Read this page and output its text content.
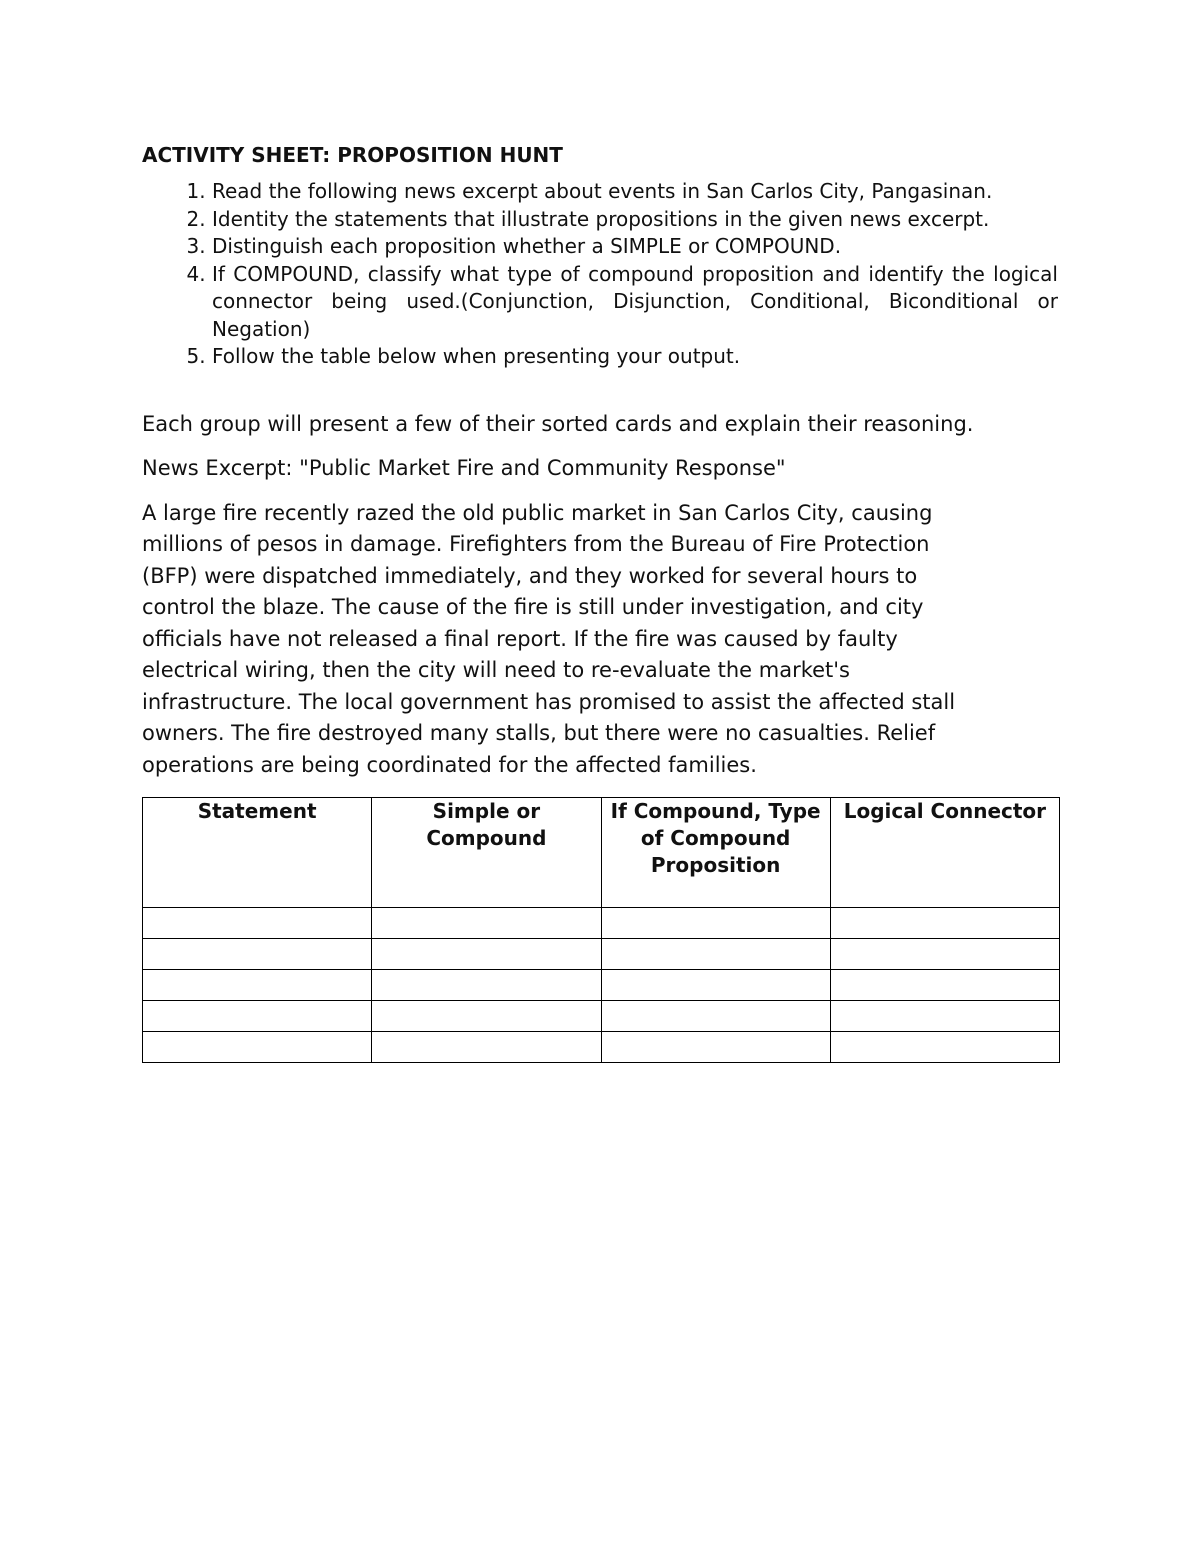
ACTIVITY SHEET: PROPOSITION HUNT
1. Read the following news excerpt about events in San Carlos City, Pangasinan.
2. Identity the statements that illustrate propositions in the given news excerpt.
3. Distinguish each proposition whether a SIMPLE or COMPOUND.
4. If COMPOUND, classify what type of compound proposition and identify the logical connector being used.(Conjunction, Disjunction, Conditional, Biconditional or Negation)
5. Follow the table below when presenting your output.

Each group will present a few of their sorted cards and explain their reasoning.

News Excerpt: "Public Market Fire and Community Response"

A large fire recently razed the old public market in San Carlos City, causing
millions of pesos in damage. Firefighters from the Bureau of Fire Protection
(BFP) were dispatched immediately, and they worked for several hours to
control the blaze. The cause of the fire is still under investigation, and city
officials have not released a final report. If the fire was caused by faulty
electrical wiring, then the city will need to re-evaluate the market's
infrastructure. The local government has promised to assist the affected stall
owners. The fire destroyed many stalls, but there were no casualties. Relief
operations are being coordinated for the affected families.

Statement	Simple or Compound	If Compound, Type of Compound Proposition	Logical Connector
